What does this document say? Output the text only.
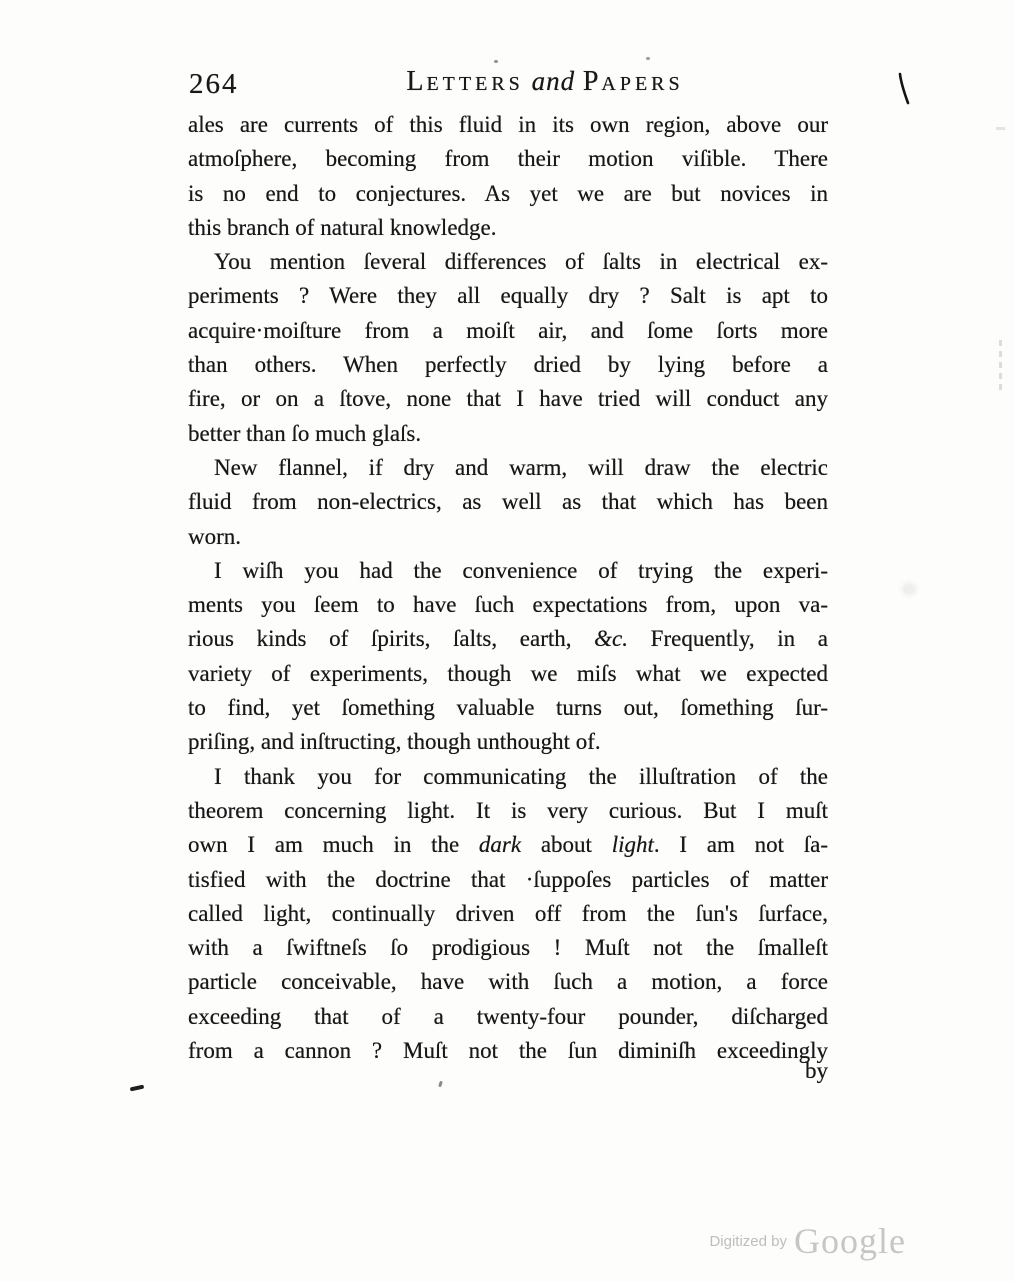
264	LETTERS and PAPERS
ales are currents of this fluid in its own region, above our
atmoſphere, becoming from their motion viſible. There
is no end to conjectures. As yet we are but novices in
this branch of natural knowledge.
You mention ſeveral differences of ſalts in electrical ex-
periments ? Were they all equally dry ? Salt is apt to
acquire·moiſture from a moiſt air, and ſome ſorts more
than others. When perfectly dried by lying before a
fire, or on a ſtove, none that I have tried will conduct any
better than ſo much glaſs.
New flannel, if dry and warm, will draw the electric
fluid from non-electrics, as well as that which has been
worn.
I wiſh you had the convenience of trying the experi-
ments you ſeem to have ſuch expectations from, upon va-
rious kinds of ſpirits, ſalts, earth, &c. Frequently, in a
variety of experiments, though we miſs what we expected
to find, yet ſomething valuable turns out, ſomething ſur-
priſing, and inſtructing, though unthought of.
I thank you for communicating the illuſtration of the
theorem concerning light. It is very curious. But I muſt
own I am much in the dark about light. I am not ſa-
tisfied with the doctrine that ·ſuppoſes particles of matter
called light, continually driven off from the ſun's ſurface,
with a ſwiftneſs ſo prodigious ! Muſt not the ſmalleſt
particle conceivable, have with ſuch a motion, a force
exceeding that of a twenty-four pounder, diſcharged
from a cannon ? Muſt not the ſun diminiſh exceedingly
by
Digitized by Google
